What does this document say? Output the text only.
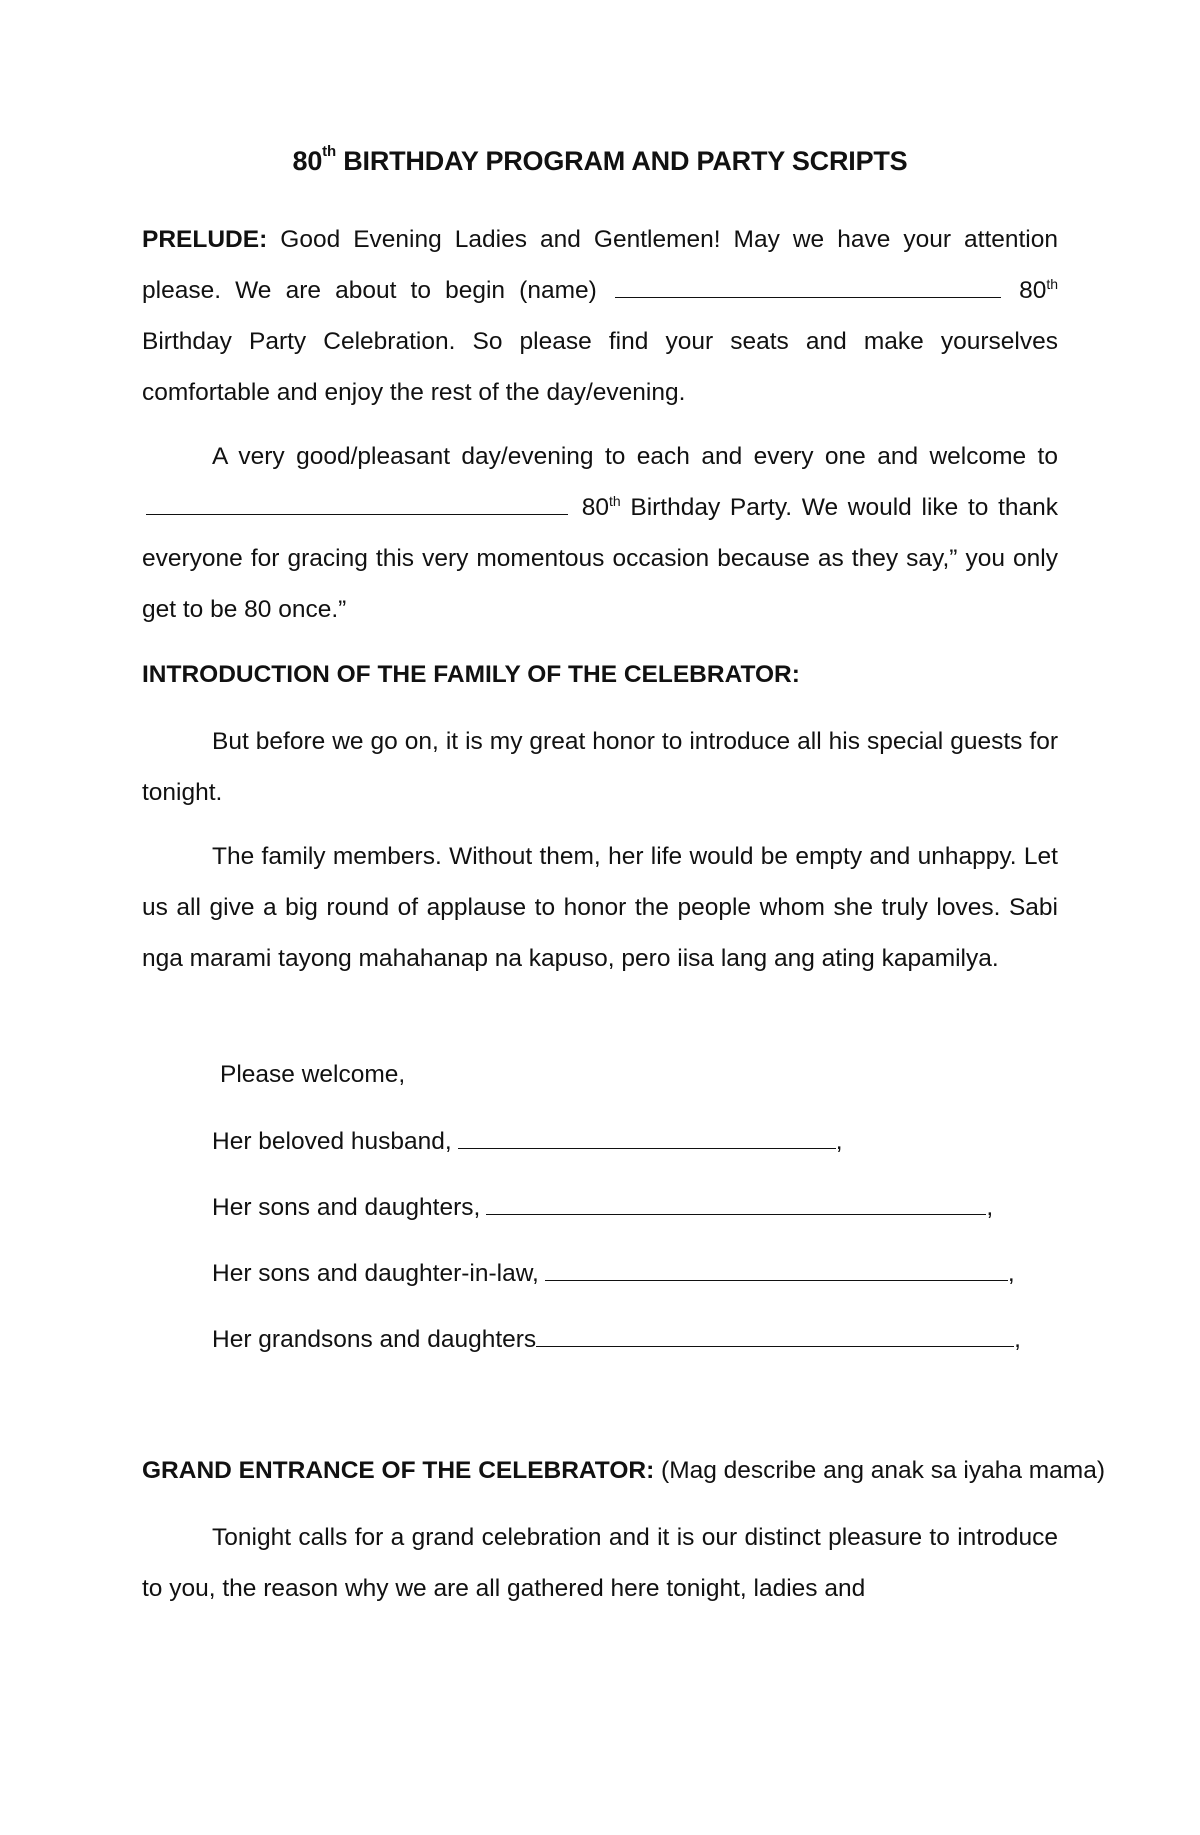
80th BIRTHDAY PROGRAM AND PARTY SCRIPTS

PRELUDE: Good Evening Ladies and Gentlemen! May we have your attention please. We are about to begin (name)	80th Birthday Party Celebration. So please find your seats and make yourselves comfortable and enjoy the rest of the day/evening.

A very good/pleasant day/evening to each and every one and welcome to 80th Birthday Party. We would like to thank everyone for gracing this very momentous occasion because as they say,” you only get to be 80 once.”

INTRODUCTION OF THE FAMILY OF THE CELEBRATOR:

But before we go on, it is my great honor to introduce all his special guests for tonight.

The family members. Without them, her life would be empty and unhappy. Let us all give a big round of applause to honor the people whom she truly loves. Sabi nga marami tayong mahahanap na kapuso, pero iisa lang ang ating kapamilya.

Please welcome,

Her beloved husband,	,

Her sons and daughters,	,

Her sons and daughter-in-law,	,

Her grandsons and daughters	,

GRAND ENTRANCE OF THE CELEBRATOR: (Mag describe ang anak sa iyaha mama)

Tonight calls for a grand celebration and it is our distinct pleasure to introduce to you, the reason why we are all gathered here tonight, ladies and
